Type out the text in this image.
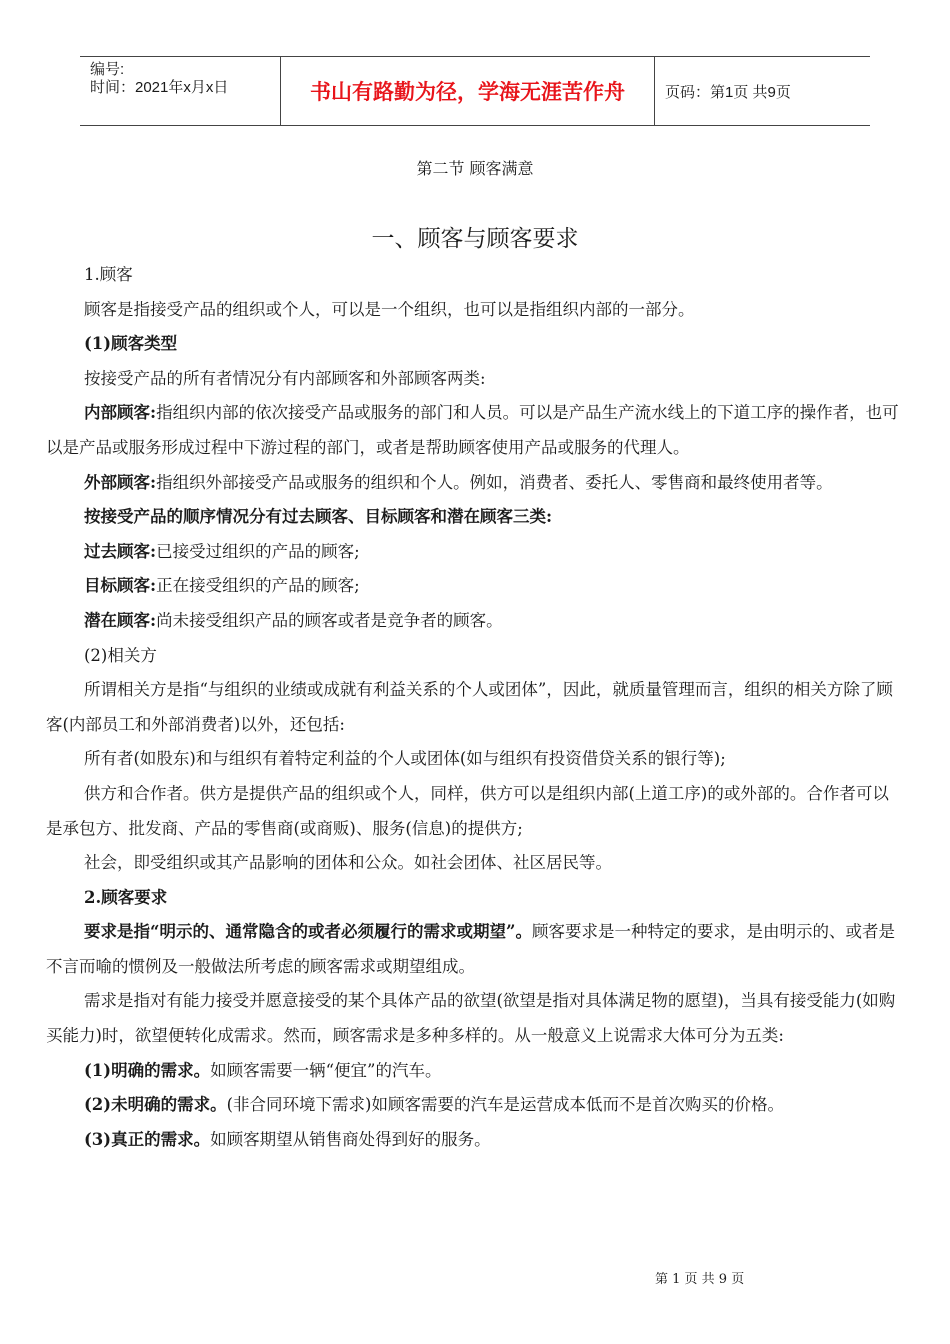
编号:
时间：2021年x月x日	书山有路勤为径，学海无涯苦作舟	页码：第1页 共9页
第二节 顾客满意
一、顾客与顾客要求

1.顾客

顾客是指接受产品的组织或个人，可以是一个组织，也可以是指组织内部的一部分。

(1)顾客类型

按接受产品的所有者情况分有内部顾客和外部顾客两类:

内部顾客:指组织内部的依次接受产品或服务的部门和人员。可以是产品生产流水线上的下道工序的操作者，也可以是产品或服务形成过程中下游过程的部门，或者是帮助顾客使用产品或服务的代理人。

外部顾客:指组织外部接受产品或服务的组织和个人。例如，消费者、委托人、零售商和最终使用者等。

按接受产品的顺序情况分有过去顾客、目标顾客和潜在顾客三类:

过去顾客:已接受过组织的产品的顾客;

目标顾客:正在接受组织的产品的顾客;

潜在顾客:尚未接受组织产品的顾客或者是竞争者的顾客。

(2)相关方

所谓相关方是指“与组织的业绩或成就有利益关系的个人或团体”，因此，就质量管理而言，组织的相关方除了顾客(内部员工和外部消费者)以外，还包括:

所有者(如股东)和与组织有着特定利益的个人或团体(如与组织有投资借贷关系的银行等);

供方和合作者。供方是提供产品的组织或个人，同样，供方可以是组织内部(上道工序)的或外部的。合作者可以是承包方、批发商、产品的零售商(或商贩)、服务(信息)的提供方;

社会，即受组织或其产品影响的团体和公众。如社会团体、社区居民等。

2.顾客要求

要求是指“明示的、通常隐含的或者必须履行的需求或期望”。顾客要求是一种特定的要求，是由明示的、或者是不言而喻的惯例及一般做法所考虑的顾客需求或期望组成。

需求是指对有能力接受并愿意接受的某个具体产品的欲望(欲望是指对具体满足物的愿望)，当具有接受能力(如购买能力)时，欲望便转化成需求。然而，顾客需求是多种多样的。从一般意义上说需求大体可分为五类:

(1)明确的需求。如顾客需要一辆“便宜”的汽车。

(2)未明确的需求。(非合同环境下需求)如顾客需要的汽车是运营成本低而不是首次购买的价格。

(3)真正的需求。如顾客期望从销售商处得到好的服务。

第 1 页 共 9 页
